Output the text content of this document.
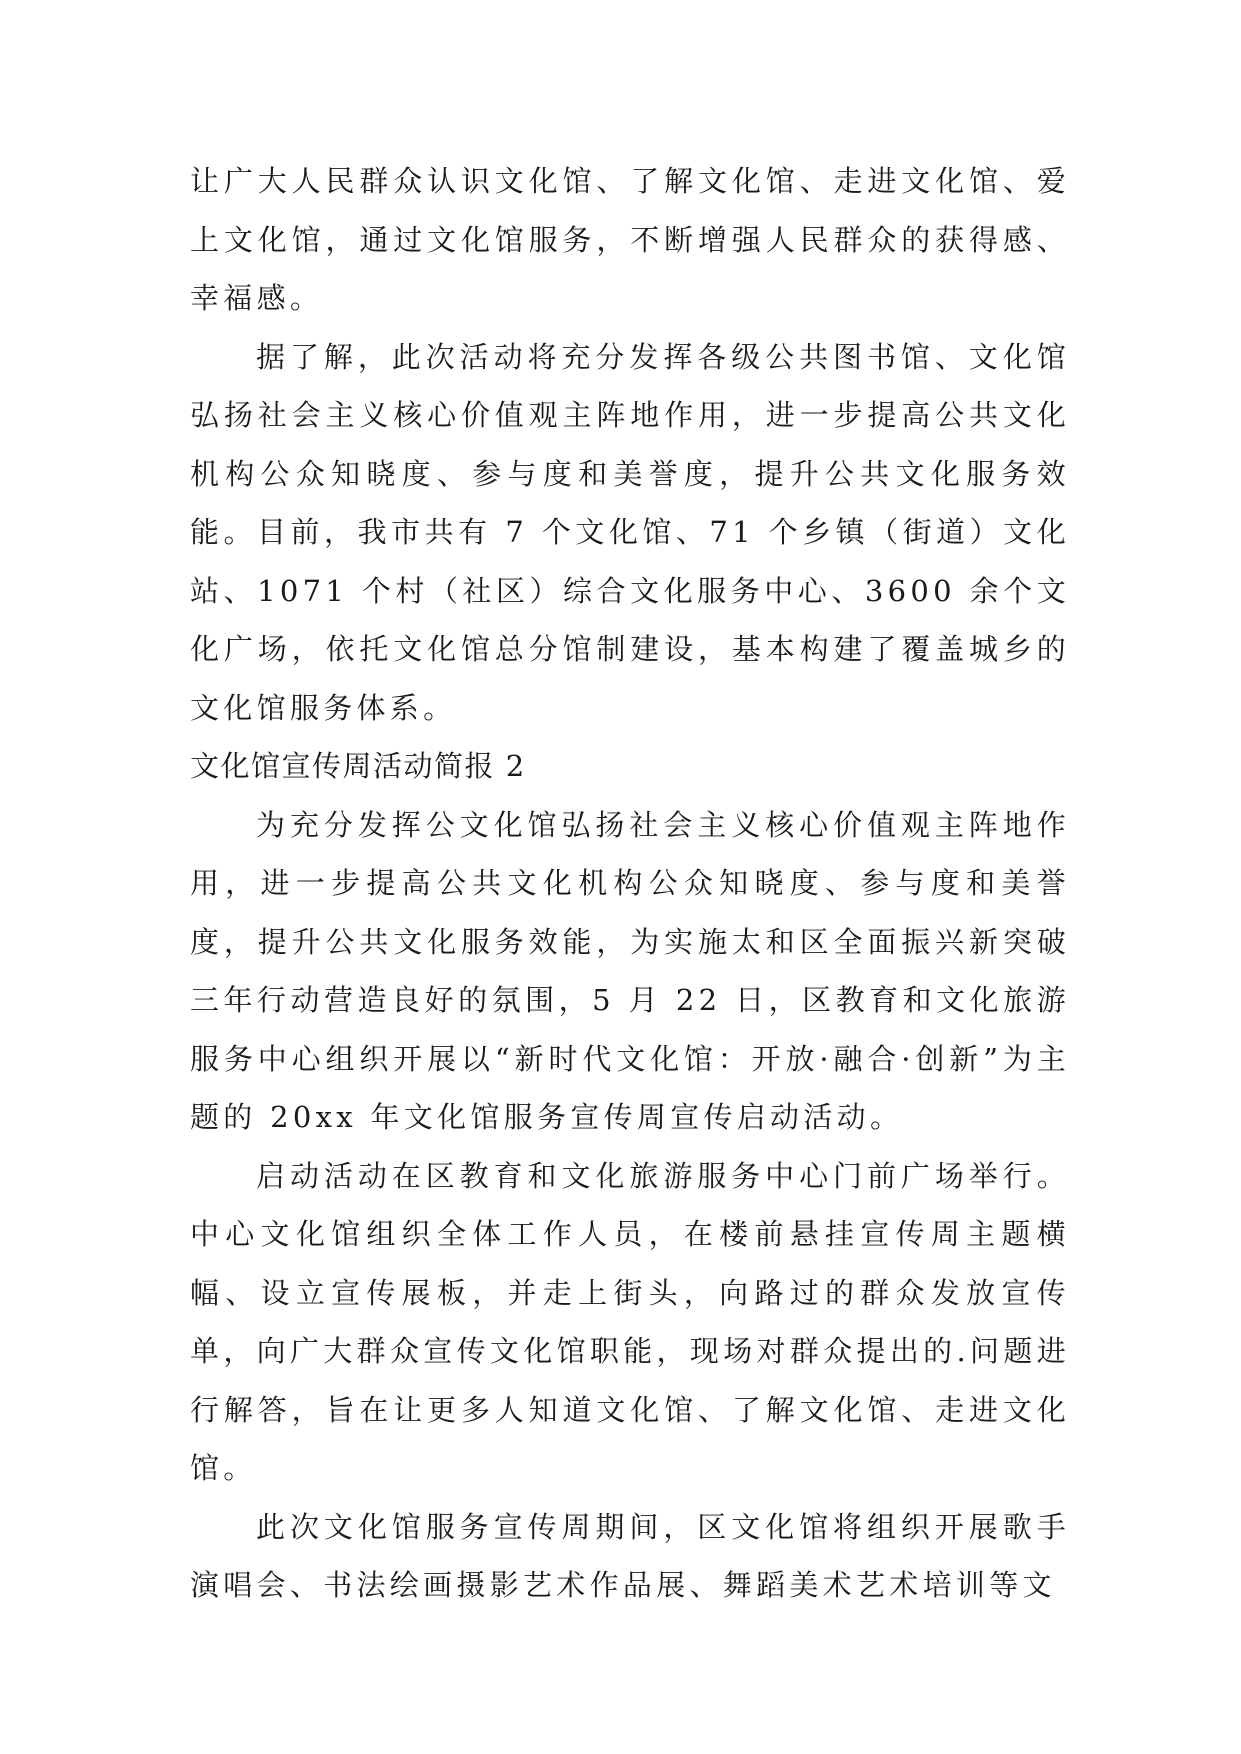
让广大人民群众认识文化馆、了解文化馆、走进文化馆、爱上文化馆，通过文化馆服务，不断增强人民群众的获得感、幸福感。

据了解，此次活动将充分发挥各级公共图书馆、文化馆弘扬社会主义核心价值观主阵地作用，进一步提高公共文化机构公众知晓度、参与度和美誉度，提升公共文化服务效能。目前，我市共有 7 个文化馆、71 个乡镇（街道）文化站、1071 个村（社区）综合文化服务中心、3600 余个文化广场，依托文化馆总分馆制建设，基本构建了覆盖城乡的文化馆服务体系。

文化馆宣传周活动简报 2

为充分发挥公文化馆弘扬社会主义核心价值观主阵地作用，进一步提高公共文化机构公众知晓度、参与度和美誉度，提升公共文化服务效能，为实施太和区全面振兴新突破三年行动营造良好的氛围，5 月 22 日，区教育和文化旅游服务中心组织开展以“新时代文化馆：开放·融合·创新”为主题的 20xx 年文化馆服务宣传周宣传启动活动。

启动活动在区教育和文化旅游服务中心门前广场举行。中心文化馆组织全体工作人员，在楼前悬挂宣传周主题横幅、设立宣传展板，并走上街头，向路过的群众发放宣传单，向广大群众宣传文化馆职能，现场对群众提出的.问题进行解答，旨在让更多人知道文化馆、了解文化馆、走进文化馆。

此次文化馆服务宣传周期间，区文化馆将组织开展歌手演唱会、书法绘画摄影艺术作品展、舞蹈美术艺术培训等文
